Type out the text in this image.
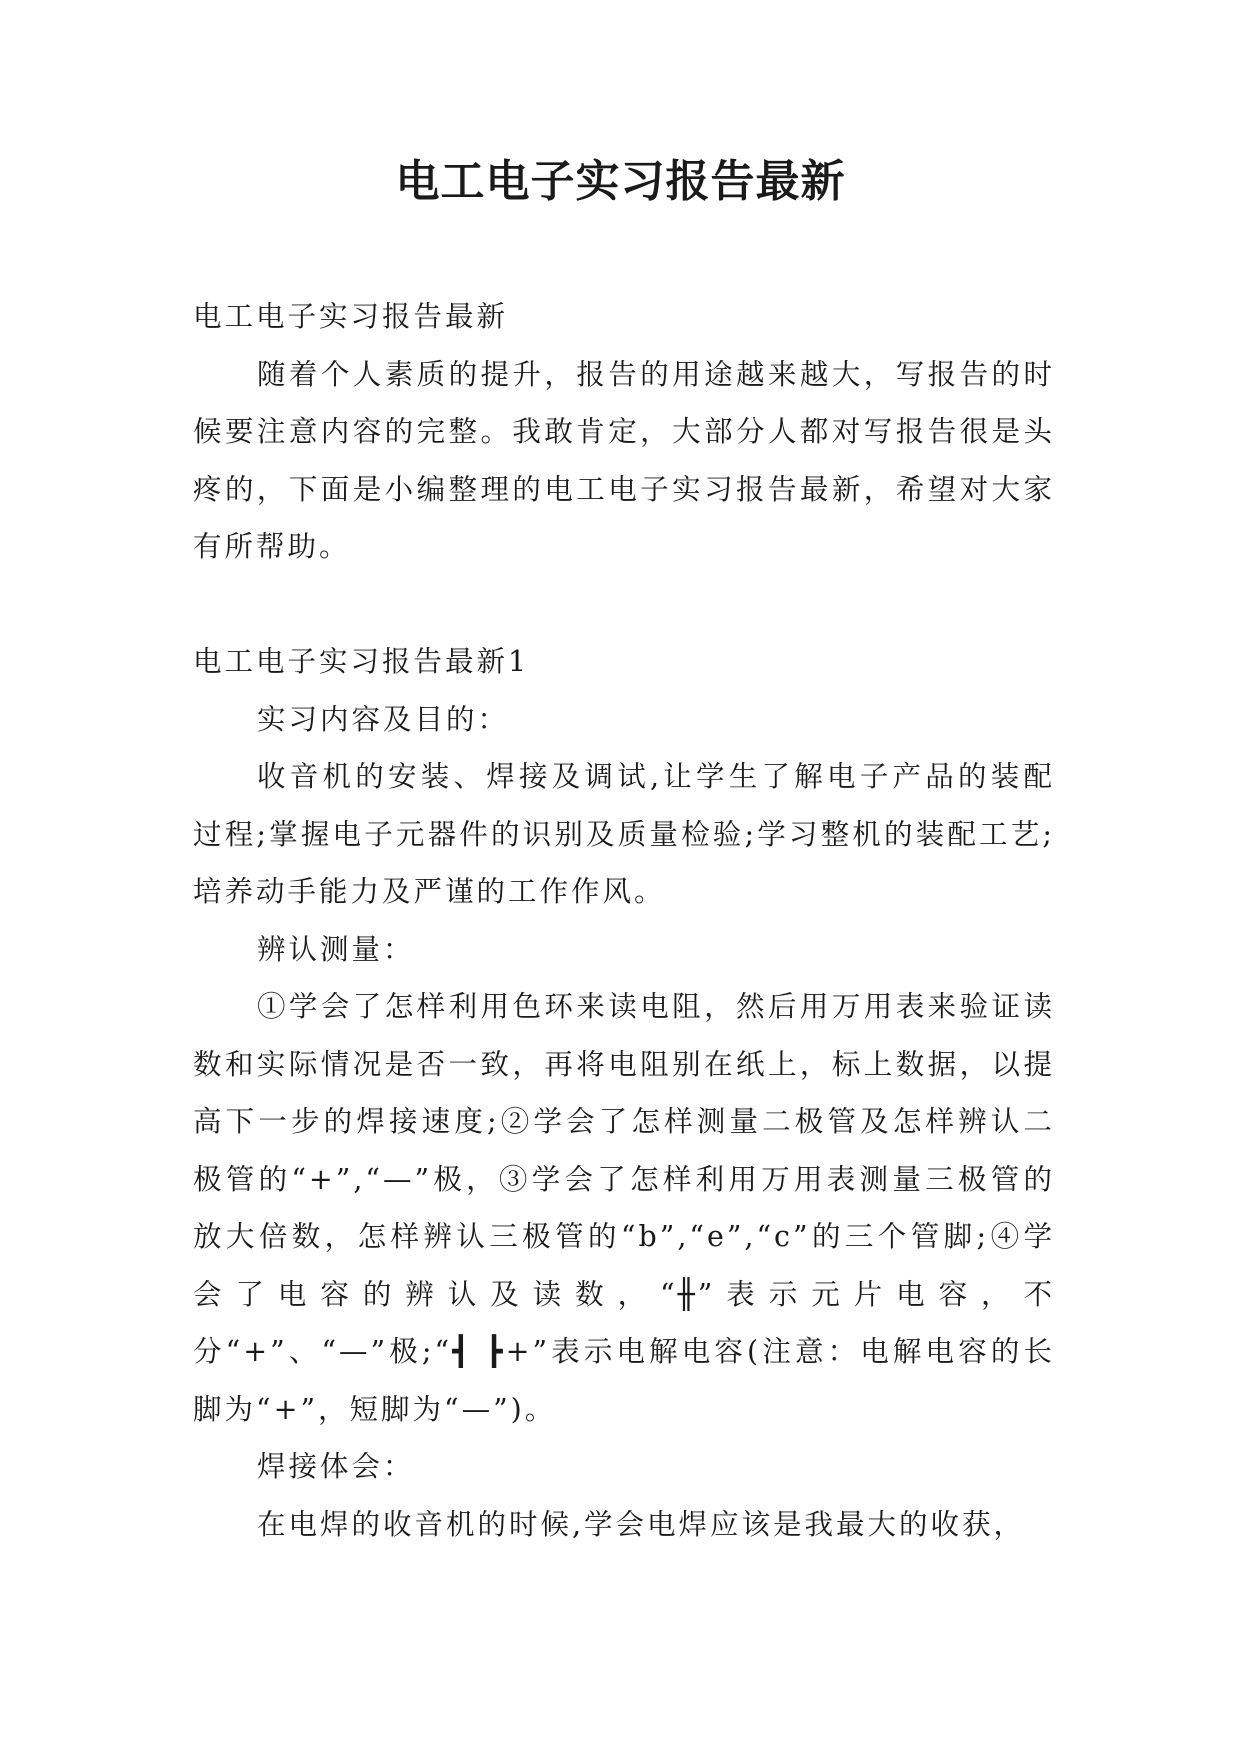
电工电子实习报告最新

电工电子实习报告最新

随着个人素质的提升，报告的用途越来越大，写报告的时候要注意内容的完整。我敢肯定，大部分人都对写报告很是头疼的，下面是小编整理的电工电子实习报告最新，希望对大家有所帮助。

电工电子实习报告最新1

实习内容及目的：

收音机的安装、焊接及调试,让学生了解电子产品的装配过程;掌握电子元器件的识别及质量检验;学习整机的装配工艺;培养动手能力及严谨的工作作风。

辨认测量：

①学会了怎样利用色环来读电阻，然后用万用表来验证读数和实际情况是否一致，再将电阻别在纸上，标上数据，以提高下一步的焊接速度;②学会了怎样测量二极管及怎样辨认二极管的“+”,“—”极，③学会了怎样利用万用表测量三极管的放大倍数，怎样辨认三极管的“b”,“e”,“c”的三个管脚;④学会了电容的辨认及读数，“╫”表示元片电容，不分“+”、“—”极;“┫ ┣+”表示电解电容(注意：电解电容的长脚为“+”，短脚为“—”)。

焊接体会：

在电焊的收音机的时候,学会电焊应该是我最大的收获，
